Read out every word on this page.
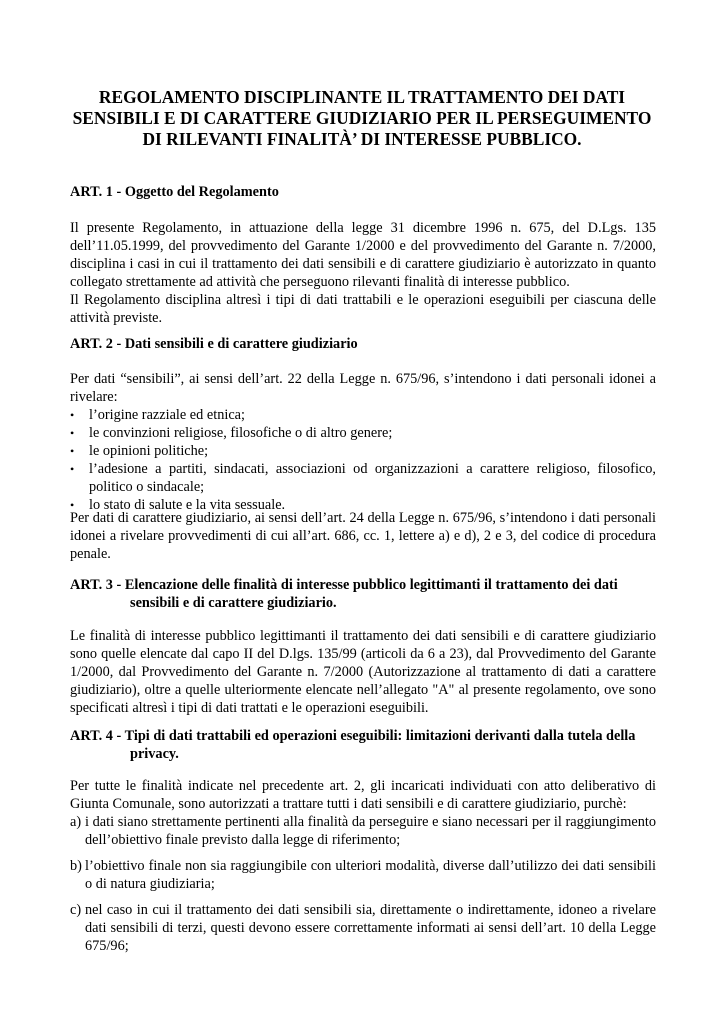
REGOLAMENTO DISCIPLINANTE IL TRATTAMENTO DEI DATI
SENSIBILI E DI CARATTERE GIUDIZIARIO PER IL PERSEGUIMENTO
DI RILEVANTI FINALITÀ’ DI INTERESSE PUBBLICO.
ART. 1 - Oggetto del Regolamento

Il presente Regolamento, in attuazione della legge 31 dicembre 1996 n. 675, del D.Lgs. 135 dell’11.05.1999, del provvedimento del Garante 1/2000 e del provvedimento del Garante n. 7/2000, disciplina i casi in cui il trattamento dei dati sensibili e di carattere giudiziario è autorizzato in quanto collegato strettamente ad attività che perseguono rilevanti finalità di interesse pubblico.

Il Regolamento disciplina altresì i tipi di dati trattabili e le operazioni eseguibili per ciascuna delle attività previste.

ART. 2 - Dati sensibili e di carattere giudiziario
Per dati “sensibili”, ai sensi dell’art. 22 della Legge n. 675/96, s’intendono i dati personali idonei a rivelare:
• l’origine razziale ed etnica;
• le convinzioni religiose, filosofiche o di altro genere;
• le opinioni politiche;
• l’adesione a partiti, sindacati, associazioni od organizzazioni a carattere religioso, filosofico, politico o sindacale;
• lo stato di salute e la vita sessuale.
Per dati di carattere giudiziario, ai sensi dell’art. 24 della Legge n. 675/96, s’intendono i dati personali idonei a rivelare provvedimenti di cui all’art. 686, cc. 1, lettere a) e d), 2 e 3, del codice di procedura penale.
ART. 3 - Elencazione delle finalità di interesse pubblico legittimanti il trattamento dei dati
sensibili e di carattere giudiziario.
Le finalità di interesse pubblico legittimanti il trattamento dei dati sensibili e di carattere giudiziario sono quelle elencate dal capo II del D.lgs. 135/99 (articoli da 6 a 23), dal Provvedimento del Garante 1/2000, dal Provvedimento del Garante n. 7/2000 (Autorizzazione al trattamento di dati a carattere giudiziario), oltre a quelle ulteriormente elencate nell’allegato "A" al presente regolamento, ove sono specificati altresì i tipi di dati trattati e le operazioni eseguibili.
ART. 4 - Tipi di dati trattabili ed operazioni eseguibili: limitazioni derivanti dalla tutela della
privacy.
Per tutte le finalità indicate nel precedente art. 2, gli incaricati individuati con atto deliberativo di Giunta Comunale, sono autorizzati a trattare tutti i dati sensibili e di carattere giudiziario, purchè:
a) i dati siano strettamente pertinenti alla finalità da perseguire e siano necessari per il raggiungimento dell’obiettivo finale previsto dalla legge di riferimento;
b) l’obiettivo finale non sia raggiungibile con ulteriori modalità, diverse dall’utilizzo dei dati sensibili o di natura giudiziaria;
c) nel caso in cui il trattamento dei dati sensibili sia, direttamente o indirettamente, idoneo a rivelare dati sensibili di terzi, questi devono essere correttamente informati ai sensi dell’art. 10 della Legge 675/96;
